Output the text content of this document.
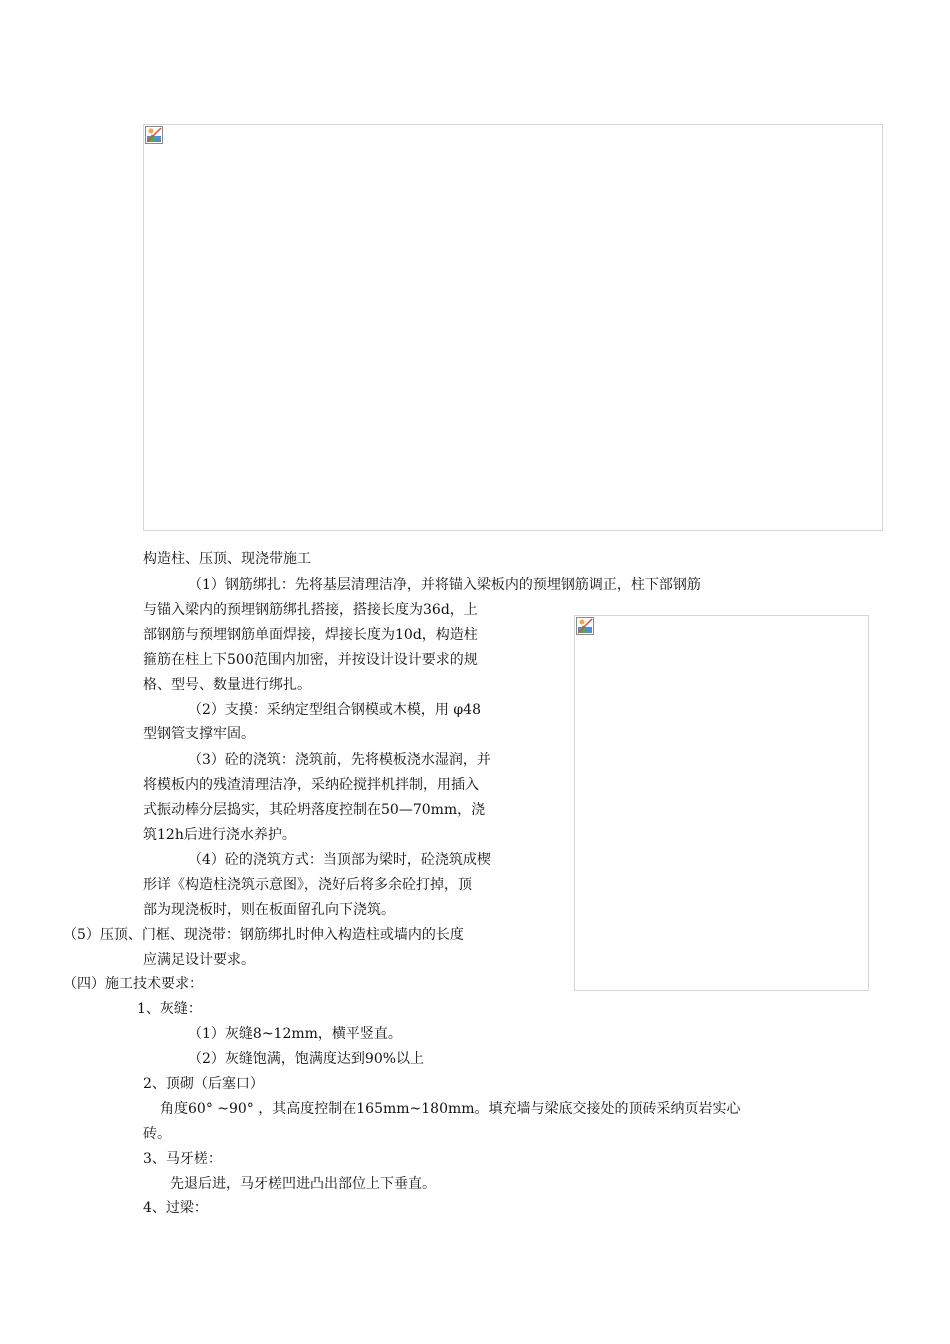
构造柱、压顶、现浇带施工
（1）钢筋绑扎：先将基层清理洁净，并将锚入梁板内的预埋钢筋调正，柱下部钢筋
与锚入梁内的预埋钢筋绑扎搭接，搭接长度为36d，上
部钢筋与预埋钢筋单面焊接，焊接长度为10d，构造柱
箍筋在柱上下500范围内加密，并按设计设计要求的规
格、型号、数量进行绑扎。
（2）支摸：采纳定型组合钢模或木模，用 φ48
型钢管支撑牢固。
（3）砼的浇筑：浇筑前，先将模板浇水湿润，并
将模板内的残渣清理洁净，采纳砼搅拌机拌制，用插入
式振动棒分层捣实，其砼坍落度控制在50—70mm，浇
筑12h后进行浇水养护。
（4）砼的浇筑方式：当顶部为梁时，砼浇筑成楔
形详《构造柱浇筑示意图》，浇好后将多余砼打掉，顶
部为现浇板时，则在板面留孔向下浇筑。
（5）压顶、门框、现浇带：钢筋绑扎时伸入构造柱或墙内的长度
应满足设计要求。
（四）施工技术要求：
1、灰缝：
（1）灰缝8~12mm，横平竖直。
（2）灰缝饱满，饱满度达到90%以上
2、顶砌（后塞口）
角度60° ~90° ，其高度控制在165mm~180mm。填充墙与梁底交接处的顶砖采纳页岩实心
砖。
3、马牙槎：
先退后进，马牙槎凹进凸出部位上下垂直。
4、过梁：
